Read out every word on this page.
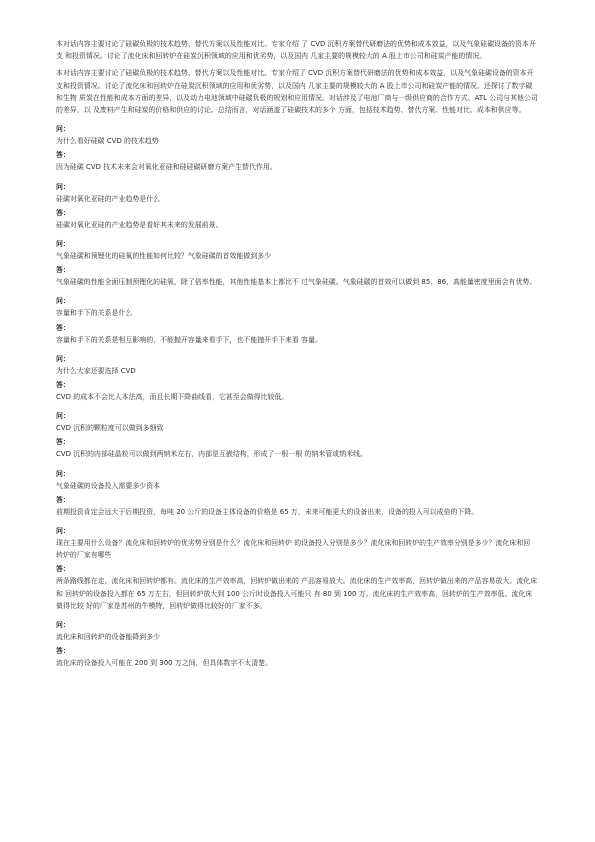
本对话内容主要讨论了硅碳负极的技术趋势、替代方案以及性能对比。专家介绍 了 CVD 沉积方案替代研磨法的优势和成本效益，以及气象硅碳设备的资本开支 和投资情况。讨论了流化床和回转炉在硅炭沉积领域的应用和优劣势，以及国内 几家主要的规模较大的 A 股上市公司和硅炭产能的情况。

本对话内容主要讨论了硅碳负极的技术趋势、替代方案以及性能对比。专家介绍了 CVD 沉积方案替代研磨法的优势和成本效益，以及气象硅碳设备的资本开支和投资情况。讨论了流化床和回转炉在硅炭沉积领域的应用和优劣势，以及国内 几家主要的规模较大的 A 股上市公司和硅炭产能的情况。还探讨了数字碳和生物 质炭在性能和成本方面的差异，以及动力电池领域中硅碳负极的规划和应用情况。对话涉及了电池厂商与一级供应商的合作方式、ATL 公司与其他公司的差异，以 及废料产生和硅炭的价格和供应的讨论。总结而言，对话涵盖了硅碳技术的多个 方面，包括技术趋势、替代方案、性能对比、成本和供应等。

问：
为什么看好硅碳 CVD 的技术趋势
答：
因为硅碳 CVD 技术未来会对氧化亚硅和硅硅碳研磨方案产生替代作用。
问：
硅碳对氧化亚硅的产业趋势是什么
答：
硅碳对氧化亚硅的产业趋势是看好其未来的发展前景。
问：
气象硅碳和预锂化的硅氧的性能如何比较？气象硅碳的首效能做到多少
答：
气象硅碳的性能全面压制预锂化的硅氧，除了倍率性能，其他性能基本上都比不 过气象硅碳。气象硅碳的首效可以做到 85、86，高能量密度里面会有优势。
问：
容量和手下的关系是什么
答：
容量和手下的关系是相互影响的，不能抛开容量来看手下，也不能抛开手下来看 容量。
问：
为什么大家还要选择 CVD
答：
CVD 的成本不会比人本法高，而且长期下降曲线看，它甚至会做得比较低。
问：
CVD 沉积的颗粒度可以做到多细致
答：
CVD 沉积的内部硅晶粒可以做到两纳米左右，内部是互嵌结构，形成了一根一根 的纳米管或纳米线。
问：
气象硅碳的设备投入需要多少资本
答：
前期投资肯定会远大于后期投资，每吨 20 公斤的设备主体设备的价格是 65 万，未来可能更大的设备出来，设备的投入可以成倍的下降。
问：
现在主要用什么设备？流化床和回转炉的优劣势分别是什么？流化床和回转炉 的设备投入分别是多少？流化床和回转炉的生产效率分别是多少？流化床和回 转炉的厂家有哪些
答：
两条路线都在走，流化床和回转炉都有。流化床的生产效率高，回转炉做出来的 产品容易放大。流化床的生产效率高，回转炉做出来的产品容易放大。流化床和 回转炉的设备投入都在 65 万左右，但回转炉放大到 100 公斤时设备投入可能只 有 80 到 100 万。流化床的生产效率高，回转炉的生产效率低。流化床做得比较 好的厂家是苏州的牛模特，回转炉做得比较好的厂家不多。
问：
流化床和回转炉的设备能降到多少
答：
流化床的设备投入可能在 200 到 300 万之间，但具体数字不太清楚。
